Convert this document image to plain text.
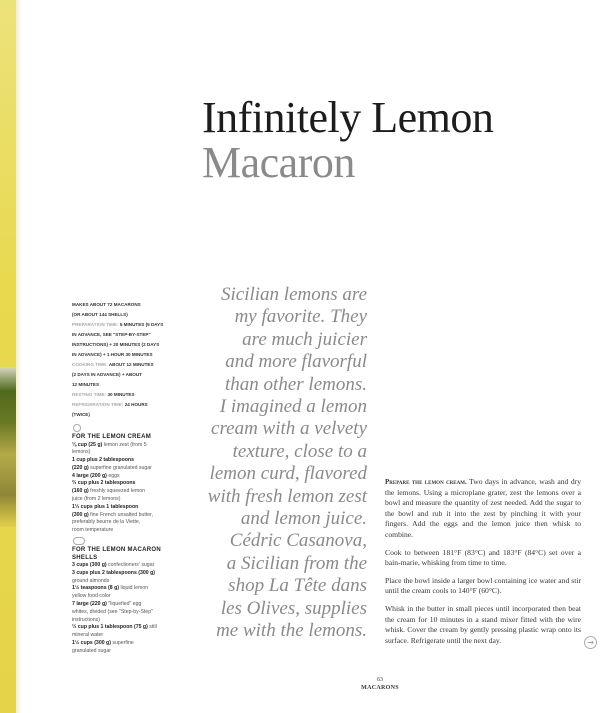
Infinitely Lemon
Macaron
Sicilian lemons are
my favorite. They
are much juicier
and more flavorful
than other lemons.
I imagined a lemon
cream with a velvety
texture, close to a
lemon curd, flavored
with fresh lemon zest
and lemon juice.
Cédric Casanova,
a Sicilian from the
shop La Tête dans
les Olives, supplies
me with the lemons.
MAKES ABOUT 72 MACARONS
(OR ABOUT 144 SHELLS)
PREPARATION TIME: 5 MINUTES (5 DAYS
IN ADVANCE, SEE "STEP-BY-STEP"
INSTRUCTIONS) + 20 MINUTES (2 DAYS
IN ADVANCE) + 1 HOUR 30 MINUTES
COOKING TIME: ABOUT 12 MINUTES
(2 DAYS IN ADVANCE) + ABOUT
12 MINUTES
RESTING TIME: 30 MINUTES
REFRIGERATION TIME: 24 HOURS
(TWICE)
FOR THE LEMON CREAM
⅛ cup (25 g) lemon zest (from 5
lemons)
1 cup plus 2 tablespoons
(220 g) superfine granulated sugar
4 large (200 g) eggs
⅔ cup plus 2 tablespoons
(160 g) freshly squeezed lemon
juice (from 2 lemons)
1⅓ cups plus 1 tablespoon
(300 g) fine French unsalted butter,
preferably beurre de la Viette,
room temperature
FOR THE LEMON MACARON
SHELLS
3 cups (300 g) confectioners' sugar
3 cups plus 2 tablespoons (300 g)
ground almonds
1½ teaspoons (8 g) liquid lemon
yellow food color
7 large (220 g) "liquefied" egg
whites, divided (see "Step-by-Step"
instructions)
⅓ cup plus 1 tablespoon (75 g) still
mineral water
1½ cups (300 g) superfine
granulated sugar

Prepare the lemon cream. Two days in advance, wash and dry the lemons. Using a microplane grater, zest the lemons over a bowl and measure the quantity of zest needed. Add the sugar to the bowl and rub it into the zest by pinching it with your fingers. Add the eggs and the lemon juice then whisk to combine.

Cook to between 181°F (83°C) and 183°F (84°C) set over a bain-marie, whisking from time to time.

Place the bowl inside a larger bowl containing ice water and stir until the cream cools to 140°F (60°C).

Whisk in the butter in small pieces until incorporated then beat the cream for 10 minutes in a stand mixer fitted with the wire whisk. Cover the cream by gently pressing plastic wrap onto its surface. Refrigerate until the next day.	→
63
MACARONS
